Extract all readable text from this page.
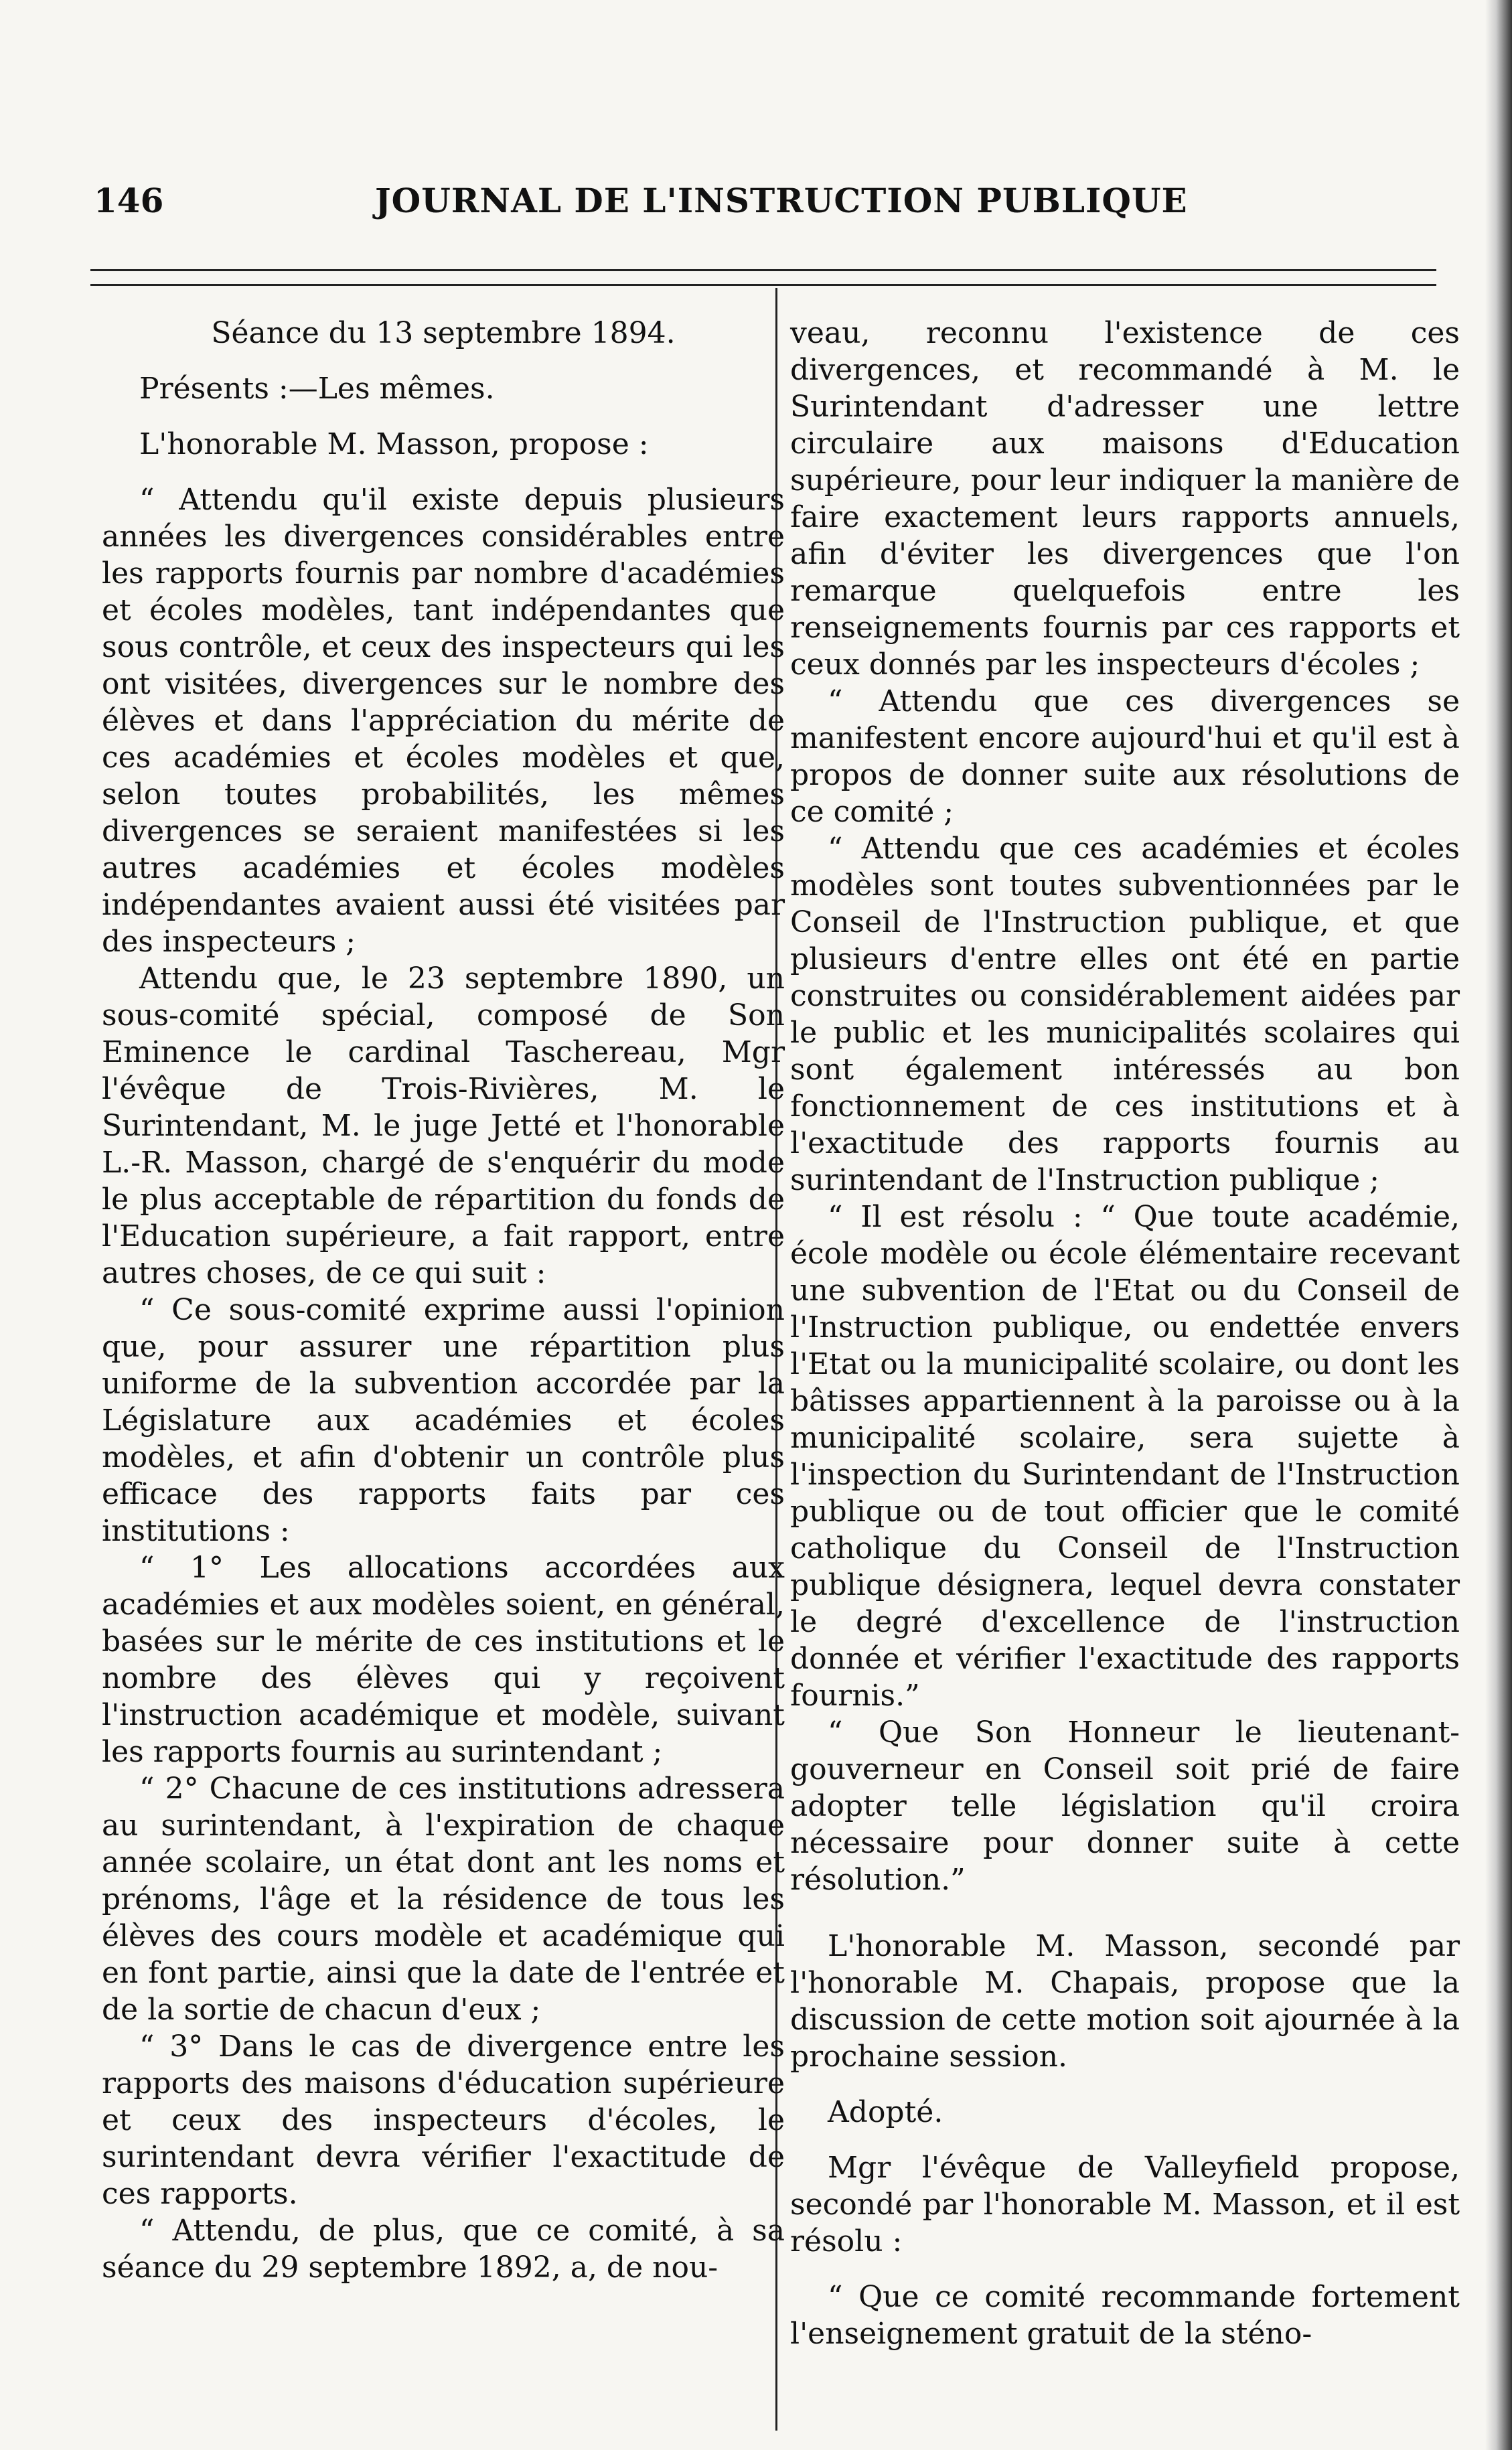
146	JOURNAL DE L'INSTRUCTION PUBLIQUE

Séance du 13 septembre 1894.

Présents :—Les mêmes.

L'honorable M. Masson, propose :

“ Attendu qu'il existe depuis plusieurs années les divergences considérables entre les rapports fournis par nombre d'académies et écoles modèles, tant indépendantes que sous contrôle, et ceux des inspecteurs qui les ont visitées, divergences sur le nombre des élèves et dans l'appréciation du mérite de ces académies et écoles modèles et que, selon toutes probabilités, les mêmes divergences se seraient manifestées si les autres académies et écoles modèles indépendantes avaient aussi été visitées par des inspecteurs ;

Attendu que, le 23 septembre 1890, un sous-comité spécial, composé de Son Eminence le cardinal Taschereau, Mgr l'évêque de Trois-Rivières, M. le Surintendant, M. le juge Jetté et l'honorable L.-R. Masson, chargé de s'enquérir du mode le plus acceptable de répartition du fonds de l'Education supérieure, a fait rapport, entre autres choses, de ce qui suit :

“ Ce sous-comité exprime aussi l'opinion que, pour assurer une répartition plus uniforme de la subvention accordée par la Législature aux académies et écoles modèles, et afin d'obtenir un contrôle plus efficace des rapports faits par ces institutions :

“ 1° Les allocations accordées aux académies et aux modèles soient, en général, basées sur le mérite de ces institutions et le nombre des élèves qui y reçoivent l'instruction académique et modèle, suivant les rapports fournis au surintendant ;

“ 2° Chacune de ces institutions adressera au surintendant, à l'expiration de chaque année scolaire, un état dont ant les noms et prénoms, l'âge et la résidence de tous les élèves des cours modèle et académique qui en font partie, ainsi que la date de l'entrée et de la sortie de chacun d'eux ;

“ 3° Dans le cas de divergence entre les rapports des maisons d'éducation supérieure et ceux des inspecteurs d'écoles, le surintendant devra vérifier l'exactitude de ces rapports.

“ Attendu, de plus, que ce comité, à sa séance du 29 septembre 1892, a, de nou-

veau, reconnu l'existence de ces divergences, et recommandé à M. le Surintendant d'adresser une lettre circulaire aux maisons d'Education supérieure, pour leur indiquer la manière de faire exactement leurs rapports annuels, afin d'éviter les divergences que l'on remarque quelquefois entre les renseignements fournis par ces rapports et ceux donnés par les inspecteurs d'écoles ;

“ Attendu que ces divergences se manifestent encore aujourd'hui et qu'il est à propos de donner suite aux résolutions de ce comité ;

“ Attendu que ces académies et écoles modèles sont toutes subventionnées par le Conseil de l'Instruction publique, et que plusieurs d'entre elles ont été en partie construites ou considérablement aidées par le public et les municipalités scolaires qui sont également intéressés au bon fonctionnement de ces institutions et à l'exactitude des rapports fournis au surintendant de l'Instruction publique ;

“ Il est résolu : “ Que toute académie, école modèle ou école élémentaire recevant une subvention de l'Etat ou du Conseil de l'Instruction publique, ou endettée envers l'Etat ou la municipalité scolaire, ou dont les bâtisses appartiennent à la paroisse ou à la municipalité scolaire, sera sujette à l'inspection du Surintendant de l'Instruction publique ou de tout officier que le comité catholique du Conseil de l'Instruction publique désignera, lequel devra constater le degré d'excellence de l'instruction donnée et vérifier l'exactitude des rapports fournis.”

“ Que Son Honneur le lieutenant-gouverneur en Conseil soit prié de faire adopter telle législation qu'il croira nécessaire pour donner suite à cette résolution.”

L'honorable M. Masson, secondé par l'honorable M. Chapais, propose que la discussion de cette motion soit ajournée à la prochaine session.

Adopté.

Mgr l'évêque de Valleyfield propose, secondé par l'honorable M. Masson, et il est résolu :

“ Que ce comité recommande fortement l'enseignement gratuit de la sténo-
